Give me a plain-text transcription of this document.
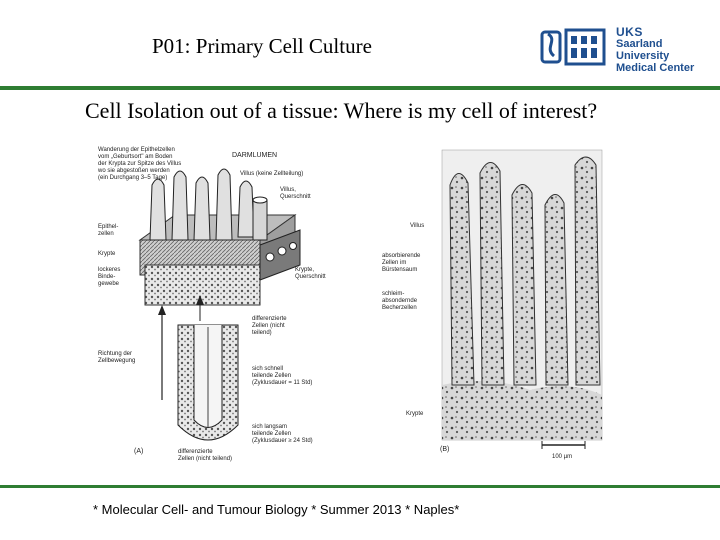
P01: Primary Cell Culture
UKS
Saarland University
Medical Center
Cell Isolation out of a tissue: Where is my cell of interest?
Wanderung der Epithelzellen
vom „Geburtsort" am Boden
der Krypta zur Spitze des Villus
wo sie abgestoßen werden
(ein Durchgang 3–5 Tage)
DARMLUMEN
Villus (keine Zellteilung)
Villus,
Querschnitt
Epithel-
zellen
Krypte
lockeres
Binde-
gewebe
Krypte,
Querschnitt
differenzierte
Zellen (nicht
teilend)
Richtung der
Zellbewegung
sich schnell
teilende Zellen
(Zyklusdauer = 11 Std)
sich langsam
teilende Zellen
(Zyklusdauer ≥ 24 Std)
(A)	differenzierte
Zellen (nicht teilend)
Villus
absorbierende
Zellen im
Bürstensaum
schleim-
absondernde
Becherzellen
Krypte
(B)
100 µm
* Molecular Cell- and Tumour Biology * Summer 2013 * Naples*
